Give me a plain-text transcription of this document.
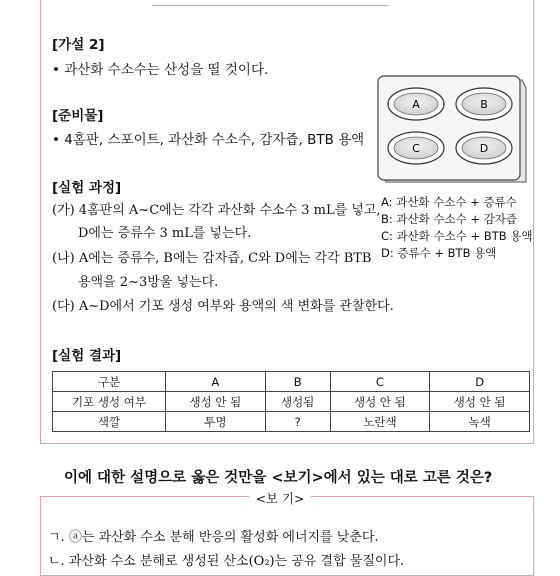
[가설 2]
• 과산화 수소수는 산성을 띨 것이다.
[준비물]
• 4홈판, 스포이트, 과산화 수소수, 감자즙, BTB 용액
[실험 과정]
(가) 4홈판의 A~C에는 각각 과산화 수소수 3 mL를 넣고,
D에는 증류수 3 mL를 넣는다.
(나) A에는 증류수, B에는 감자즙, C와 D에는 각각 BTB
용액을 2~3방울 넣는다.
(다) A~D에서 기포 생성 여부와 용액의 색 변화를 관찰한다.
A	B
C	D
A: 과산화 수소수 + 증류수
B: 과산화 수소수 + 감자즙
C: 과산화 수소수 + BTB 용액
D: 증류수 + BTB 용액
[실험 결과]
구분	A	B	C	D
기포 생성 여부	생성 안 됨	생성됨	생성 안 됨	생성 안 됨
색깔	투명	?	노란색	녹색
이에 대한 설명으로 옳은 것만을 <보기>에서 있는 대로 고른 것은?
<보 기>
ㄱ. ⓐ는 과산화 수소 분해 반응의 활성화 에너지를 낮춘다.
ㄴ. 과산화 수소 분해로 생성된 산소(O₂)는 공유 결합 물질이다.
